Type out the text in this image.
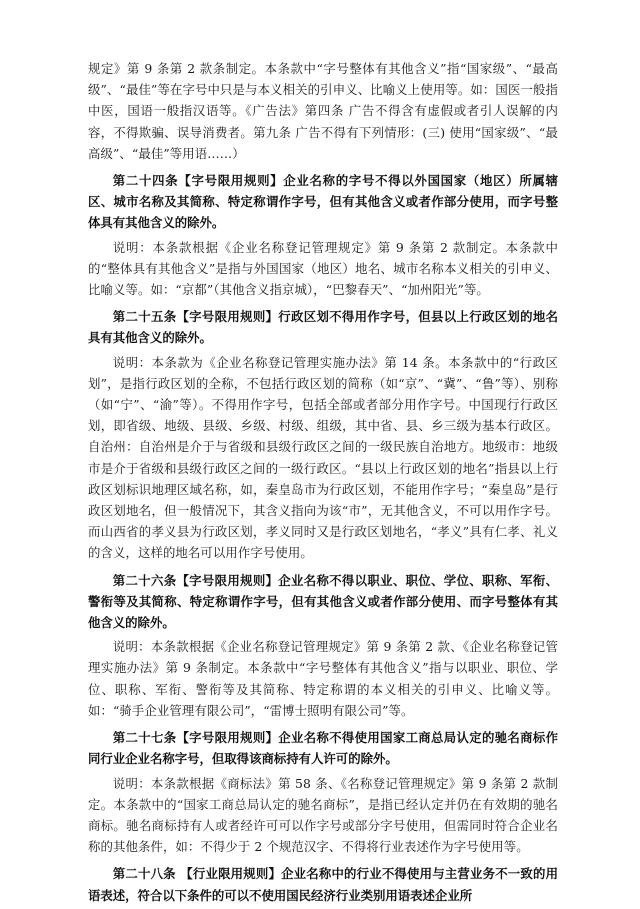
规定》第 9 条第 2 款条制定。本条款中“字号整体有其他含义”指“国家级”、“最高级”、“最佳”等在字号中只是与本义相关的引申义、比喻义上使用等。如：国医一般指中医，国语一般指汉语等。《广告法》第四条 广告不得含有虚假或者引人误解的内容，不得欺骗、误导消费者。第九条 广告不得有下列情形：(三) 使用“国家级”、“最高级”、“最佳”等用语……）

第二十四条【字号限用规则】企业名称的字号不得以外国国家（地区）所属辖区、城市名称及其简称、特定称谓作字号，但有其他含义或者作部分使用，而字号整体具有其他含义的除外。

说明：本条款根据《企业名称登记管理规定》第 9 条第 2 款制定。本条款中的“整体具有其他含义”是指与外国国家（地区）地名、城市名称本义相关的引申义、比喻义等。如：“京都”（其他含义指京城），“巴黎春天”、“加州阳光”等。

第二十五条【字号限用规则】行政区划不得用作字号，但县以上行政区划的地名具有其他含义的除外。

说明：本条款为《企业名称登记管理实施办法》第 14 条。本条款中的“行政区划”，是指行政区划的全称，不包括行政区划的简称（如“京”、“冀”、“鲁”等）、别称（如“宁”、“渝”等）。不得用作字号，包括全部或者部分用作字号。中国现行行政区划，即省级、地级、县级、乡级、村级、组级，其中省、县、乡三级为基本行政区。自治州：自治州是介于与省级和县级行政区之间的一级民族自治地方。地级市：地级市是介于省级和县级行政区之间的一级行政区。“县以上行政区划的地名”指县以上行政区划标识地理区域名称，如，秦皇岛市为行政区划，不能用作字号；“秦皇岛”是行政区划地名，但一般情况下，其含义指向为该“市”，无其他含义，不可以用作字号。而山西省的孝义县为行政区划，孝义同时又是行政区划地名，“孝义”具有仁孝、礼义的含义，这样的地名可以用作字号使用。

第二十六条【字号限用规则】企业名称不得以职业、职位、学位、职称、军衔、警衔等及其简称、特定称谓作字号，但有其他含义或者作部分使用、而字号整体有其他含义的除外。

说明：本条款根据《企业名称登记管理规定》第 9 条第 2 款、《企业名称登记管理实施办法》第 9 条制定。本条款中“字号整体有其他含义”指与以职业、职位、学位、职称、军衔、警衔等及其简称、特定称谓的本义相关的引申义、比喻义等。如：“骑手企业管理有限公司”，“雷博士照明有限公司”等。

第二十七条【字号限用规则】企业名称不得使用国家工商总局认定的驰名商标作同行业企业名称字号，但取得该商标持有人许可的除外。

说明：本条款根据《商标法》第 58 条、《名称登记管理规定》第 9 条第 2 款制定。本条款中的“国家工商总局认定的驰名商标”，是指已经认定并仍在有效期的驰名商标。驰名商标持有人或者经许可可以作字号或部分字号使用，但需同时符合企业名称的其他条件，如：不得少于 2 个规范汉字、不得将行业表述作为字号使用等。

第二十八条 【行业限用规则】企业名称中的行业不得使用与主营业务不一致的用语表述，符合以下条件的可以不使用国民经济行业类别用语表述企业所
